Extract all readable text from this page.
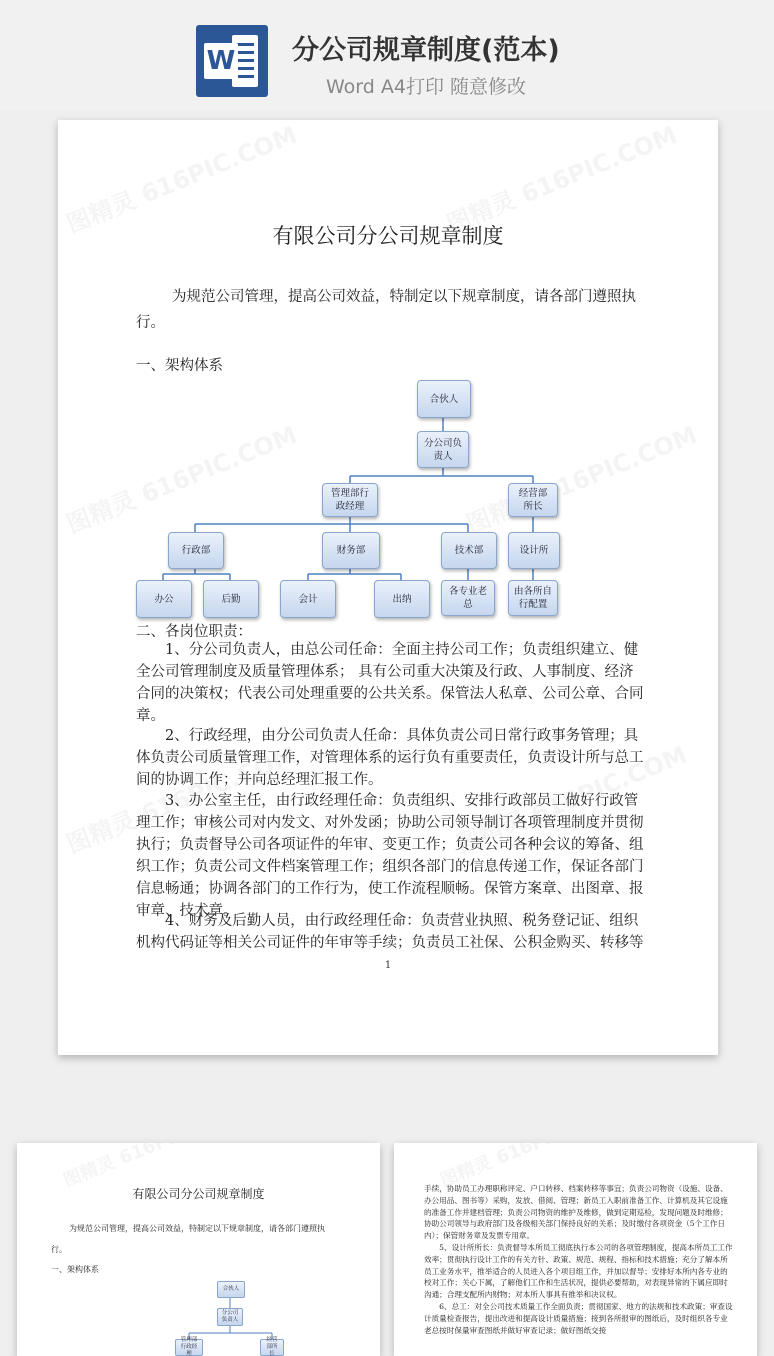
W 分公司规章制度(范本)
Word A4打印 随意修改
有限公司分公司规章制度
为规范公司管理，提高公司效益，特制定以下规章制度，请各部门遵照执行。
一、架构体系
合伙人
分公司负责人
管理部行政经理
经营部所长
行政部	财务部	技术部	设计所
办公	后勤	会计	出纳
各专业老总
由各所自行配置
二、各岗位职责：
1、分公司负责人，由总公司任命：全面主持公司工作；负责组织建立、健全公司管理制度及质量管理体系； 具有公司重大决策及行政、人事制度、经济合同的决策权；代表公司处理重要的公共关系。保管法人私章、公司公章、合同章。
2、行政经理，由分公司负责人任命：具体负责公司日常行政事务管理；具体负责公司质量管理工作，对管理体系的运行负有重要责任，负责设计所与总工间的协调工作；并向总经理汇报工作。
3、办公室主任，由行政经理任命：负责组织、安排行政部员工做好行政管理工作；审核公司对内发文、对外发函；协助公司领导制订各项管理制度并贯彻执行；负责督导公司各项证件的年审、变更工作；负责公司各种会议的筹备、组织工作；负责公司文件档案管理工作；组织各部门的信息传递工作，保证各部门信息畅通；协调各部门的工作行为，使工作流程顺畅。保管方案章、出图章、报审章、技术章。
4、财务及后勤人员，由行政经理任命：负责营业执照、税务登记证、组织机构代码证等相关公司证件的年审等手续；负责员工社保、公积金购买、转移等
1
有限公司分公司规章制度
为规范公司管理，提高公司效益，特制定以下规章制度，请各部门遵照执
行。
一、架构体系
合伙人
分公司负责人
管理部行政经理
经营部所长
手续，协助员工办理职称评定、户口转移、档案转移等事宜；负责公司物资（设施、设备、办公用品、图书等）采购，发放、借阅、管理；新员工入职前准备工作、计算机及其它设施的准备工作并建档管理；负责公司物资的维护及维修，做到定期巡检，发现问题及时维修；协助公司领导与政府部门及各级相关部门保持良好的关系；及时缴付各项资金（5个工作日内）；保管财务章及发票专用章。
　　5、设计所所长：负责督导本所员工彻底执行本公司的各项管理制度，提高本所员工工作效率；贯彻执行设计工作的有关方针、政策、规范、规程、指标和技术措施；充分了解本所员工业务水平，推举适合的人员进入各个项目组工作，并加以督导；安排好本所内各专业的校对工作；关心下属，了解他们工作和生活状况，提供必要帮助，对表现异常的下属应即时沟通；合理支配所内财物；对本所人事具有推举和决议权。
　　6、总工：对全公司技术质量工作全面负责；贯彻国家、地方的法规和技术政策；审查设计质量检查报告，提出改进和提高设计质量措施；接到各所报审的图纸后，及时组织各专业老总按时保量审查图纸并做好审查记录；做好图纸交接
